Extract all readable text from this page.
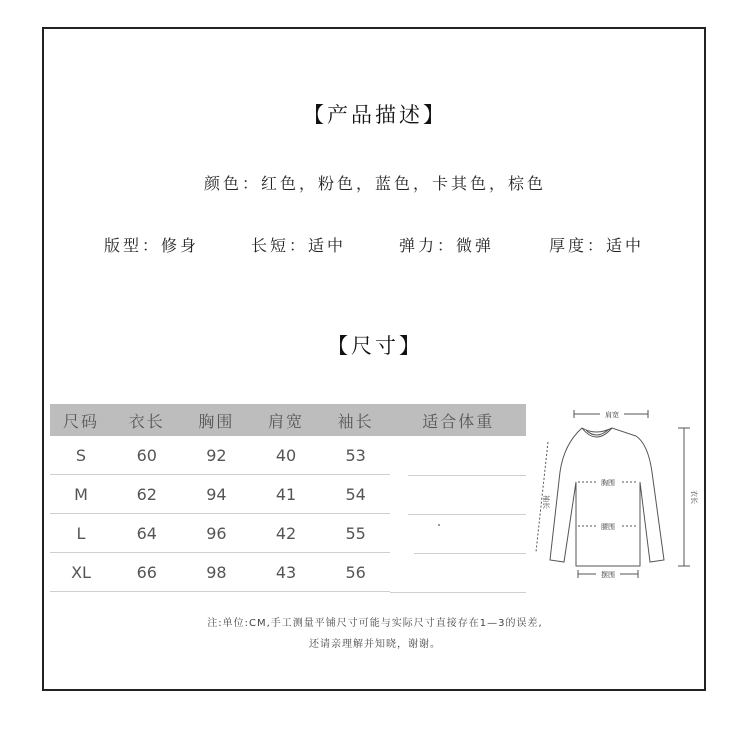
【产品描述】
颜色：红色，粉色，蓝色，卡其色，棕色
版型：修身	长短：适中	弹力：微弹	厚度：适中
【尺寸】
尺码	衣长	胸围	肩宽	袖长	适合体重
S	60	92	40	53	

M	62	94	41	54	

L	64	96	42	55	

XL	66	98	43	56	
肩宽
胸围
腰围
摆围
袖长	衣长
注:单位:CM,手工测量平铺尺寸可能与实际尺寸直接存在1—3的误差,
还请亲理解并知晓，谢谢。
